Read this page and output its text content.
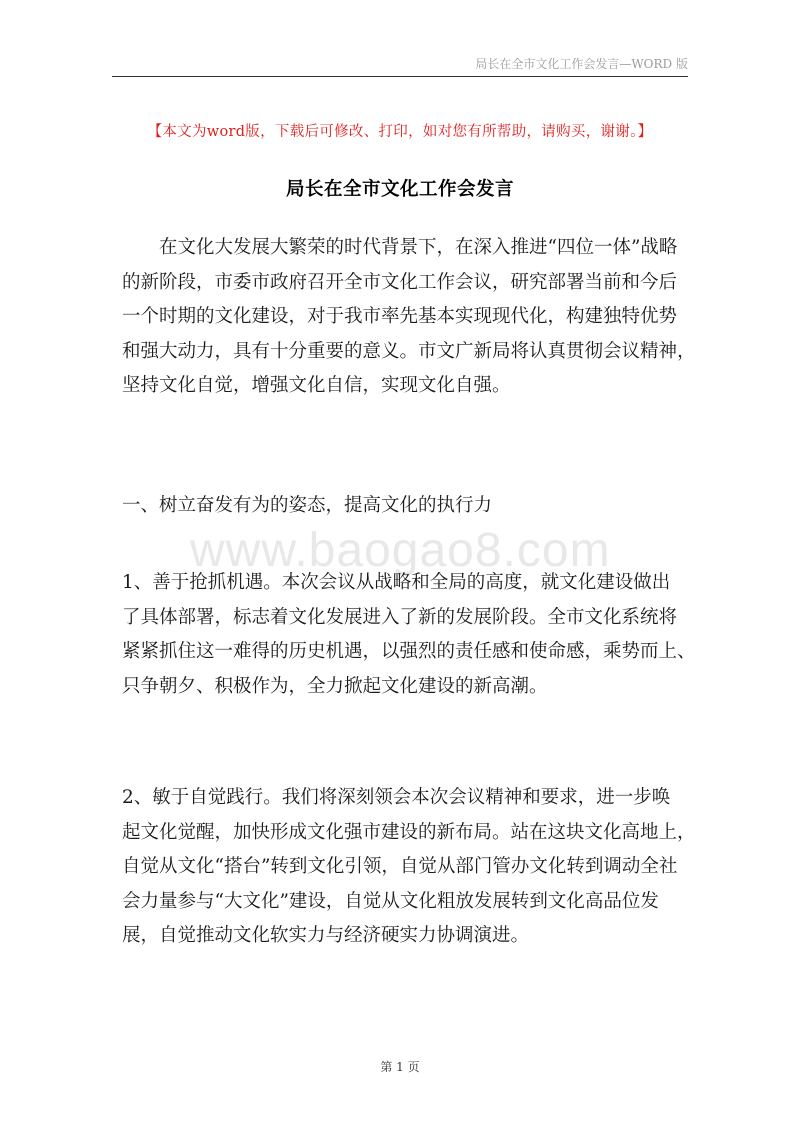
局长在全市文化工作会发言—WORD 版
【本文为word版，下载后可修改、打印，如对您有所帮助，请购买，谢谢。】
局长在全市文化工作会发言
www.baogao8.com
　　在文化大发展大繁荣的时代背景下，在深入推进“四位一体”战略
的新阶段，市委市政府召开全市文化工作会议，研究部署当前和今后
一个时期的文化建设，对于我市率先基本实现现代化，构建独特优势
和强大动力，具有十分重要的意义。市文广新局将认真贯彻会议精神，
坚持文化自觉，增强文化自信，实现文化自强。
一、树立奋发有为的姿态，提高文化的执行力
1、善于抢抓机遇。本次会议从战略和全局的高度，就文化建设做出
了具体部署，标志着文化发展进入了新的发展阶段。全市文化系统将
紧紧抓住这一难得的历史机遇，以强烈的责任感和使命感，乘势而上、
只争朝夕、积极作为，全力掀起文化建设的新高潮。
2、敏于自觉践行。我们将深刻领会本次会议精神和要求，进一步唤
起文化觉醒，加快形成文化强市建设的新布局。站在这块文化高地上，
自觉从文化“搭台”转到文化引领，自觉从部门管办文化转到调动全社
会力量参与“大文化”建设，自觉从文化粗放发展转到文化高品位发
展，自觉推动文化软实力与经济硬实力协调演进。
第 1 页
